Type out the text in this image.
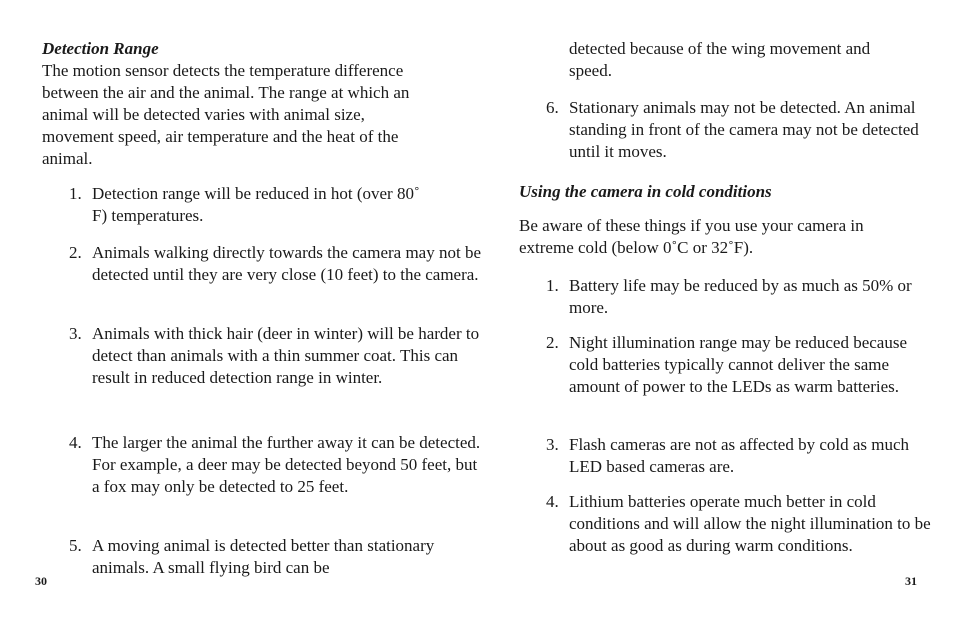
Detection Range

The motion sensor detects the temperature difference between the air and the animal. The range at which an animal will be detected varies with animal size, movement speed, air temperature and the heat of the animal.

1. Detection range will be reduced in hot (over 80˚ F) temperatures.
2. Animals walking directly towards the camera may not be detected until they are very close (10 feet) to the camera.
3. Animals with thick hair (deer in winter) will be harder to detect than animals with a thin summer coat. This can result in reduced detection range in winter.
4. The larger the animal the further away it can be detected. For example, a deer may be detected beyond 50 feet, but a fox may only be detected to 25 feet.
5. A moving animal is detected better than stationary animals. A small flying bird can be
30

detected because of the wing movement and speed.

6. Stationary animals may not be detected. An animal standing in front of the camera may not be detected until it moves.

Using the camera in cold conditions

Be aware of these things if you use your camera in extreme cold (below 0˚C or 32˚F).

1. Battery life may be reduced by as much as 50% or more.
2. Night illumination range may be reduced because cold batteries typically cannot deliver the same amount of power to the LEDs as warm batteries.
3. Flash cameras are not as affected by cold as much LED based cameras are.
4. Lithium batteries operate much better in cold conditions and will allow the night illumination to be about as good as during warm conditions.
31
